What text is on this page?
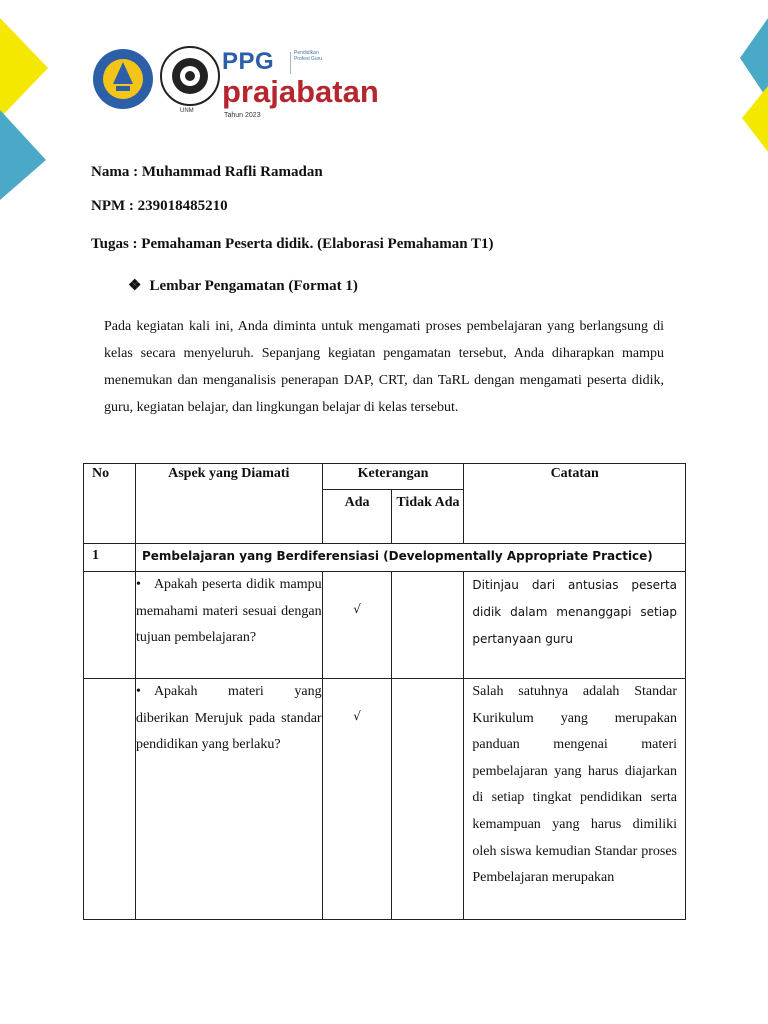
UNM
PPG	Pendidikan Profesi Guru
prajabatan
Tahun 2023
Nama : Muhammad Rafli Ramadan
NPM : 239018485210
Tugas : Pemahaman Peserta didik. (Elaborasi Pemahaman T1)
❖ Lembar Pengamatan (Format 1)
Pada kegiatan kali ini, Anda diminta untuk mengamati proses pembelajaran yang berlangsung di kelas secara menyeluruh. Sepanjang kegiatan pengamatan tersebut, Anda diharapkan mampu menemukan dan menganalisis penerapan DAP, CRT, dan TaRL dengan mengamati peserta didik, guru, kegiatan belajar, dan lingkungan belajar di kelas tersebut.
No	Aspek yang Diamati	Keterangan		Catatan
		Ada	Tidak Ada	
1	Pembelajaran yang Berdiferensiasi (Developmentally Appropriate Practice)			
	• Apakah peserta didik mampu memahami materi sesuai dengan tujuan pembelajaran?	√		Ditinjau dari antusias peserta didik dalam menanggapi setiap pertanyaan guru
	• Apakah materi yang diberikan Merujuk pada standar pendidikan yang berlaku?	√		Salah satuhnya adalah Standar Kurikulum yang merupakan panduan mengenai materi pembelajaran yang harus diajarkan di setiap tingkat pendidikan serta kemampuan yang harus dimiliki oleh siswa kemudian Standar proses Pembelajaran merupakan
